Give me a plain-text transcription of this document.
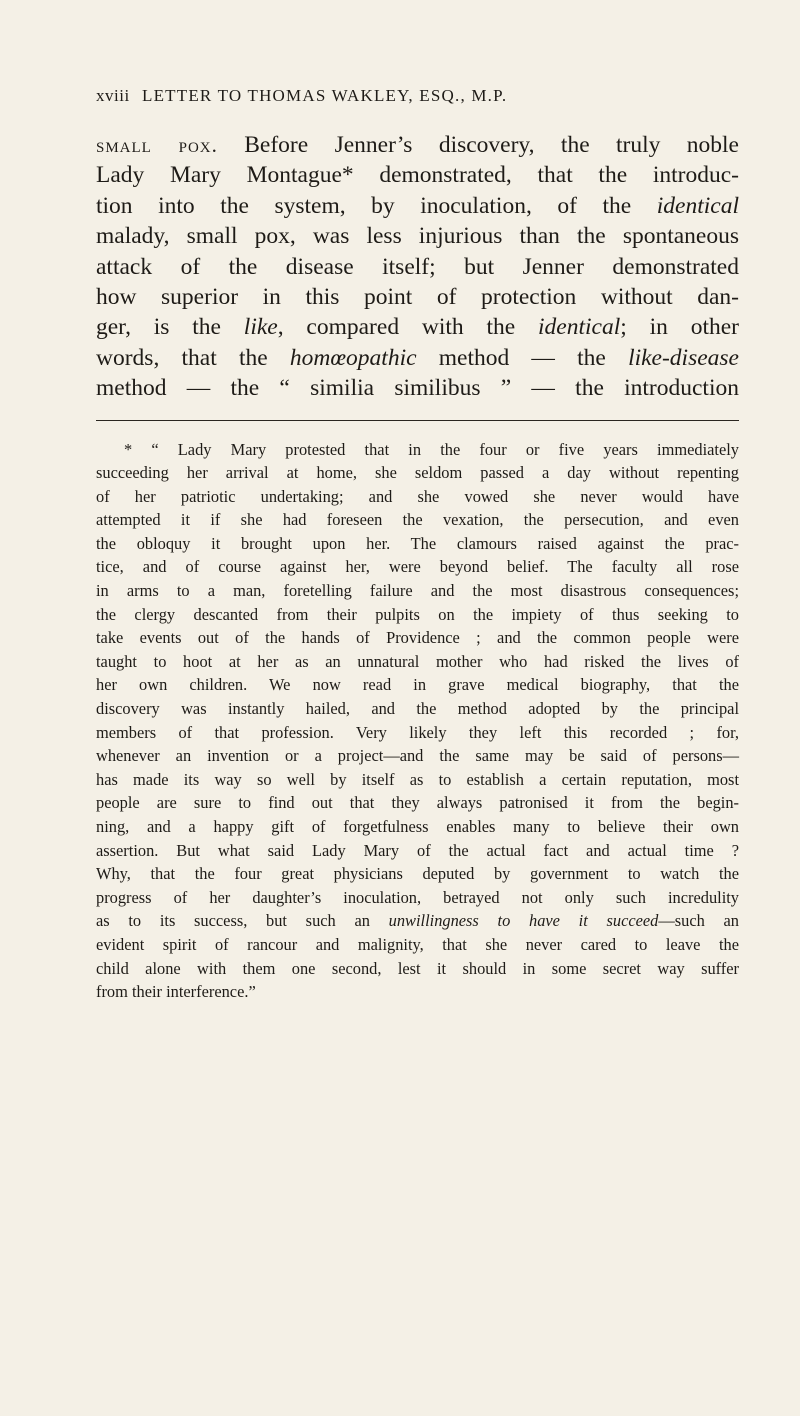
xviii LETTER TO THOMAS WAKLEY, ESQ., M.P.
small pox. Before Jenner’s discovery, the truly noble
Lady Mary Montague* demonstrated, that the introduc-
tion into the system, by inoculation, of the identical
malady, small pox, was less injurious than the spontaneous
attack of the disease itself; but Jenner demonstrated
how superior in this point of protection without dan-
ger, is the like, compared with the identical; in other
words, that the homœopathic method — the like-disease
method — the “ similia similibus ” — the introduction
* “ Lady Mary protested that in the four or five years immediately
succeeding her arrival at home, she seldom passed a day without repenting
of her patriotic undertaking; and she vowed she never would have
attempted it if she had foreseen the vexation, the persecution, and even
the obloquy it brought upon her. The clamours raised against the prac-
tice, and of course against her, were beyond belief. The faculty all rose
in arms to a man, foretelling failure and the most disastrous consequences;
the clergy descanted from their pulpits on the impiety of thus seeking to
take events out of the hands of Providence ; and the common people were
taught to hoot at her as an unnatural mother who had risked the lives of
her own children. We now read in grave medical biography, that the
discovery was instantly hailed, and the method adopted by the principal
members of that profession. Very likely they left this recorded ; for,
whenever an invention or a project—and the same may be said of persons—
has made its way so well by itself as to establish a certain reputation, most
people are sure to find out that they always patronised it from the begin-
ning, and a happy gift of forgetfulness enables many to believe their own
assertion. But what said Lady Mary of the actual fact and actual time ?
Why, that the four great physicians deputed by government to watch the
progress of her daughter’s inoculation, betrayed not only such incredulity
as to its success, but such an unwillingness to have it succeed—such an
evident spirit of rancour and malignity, that she never cared to leave the
child alone with them one second, lest it should in some secret way suffer
from their interference.”
